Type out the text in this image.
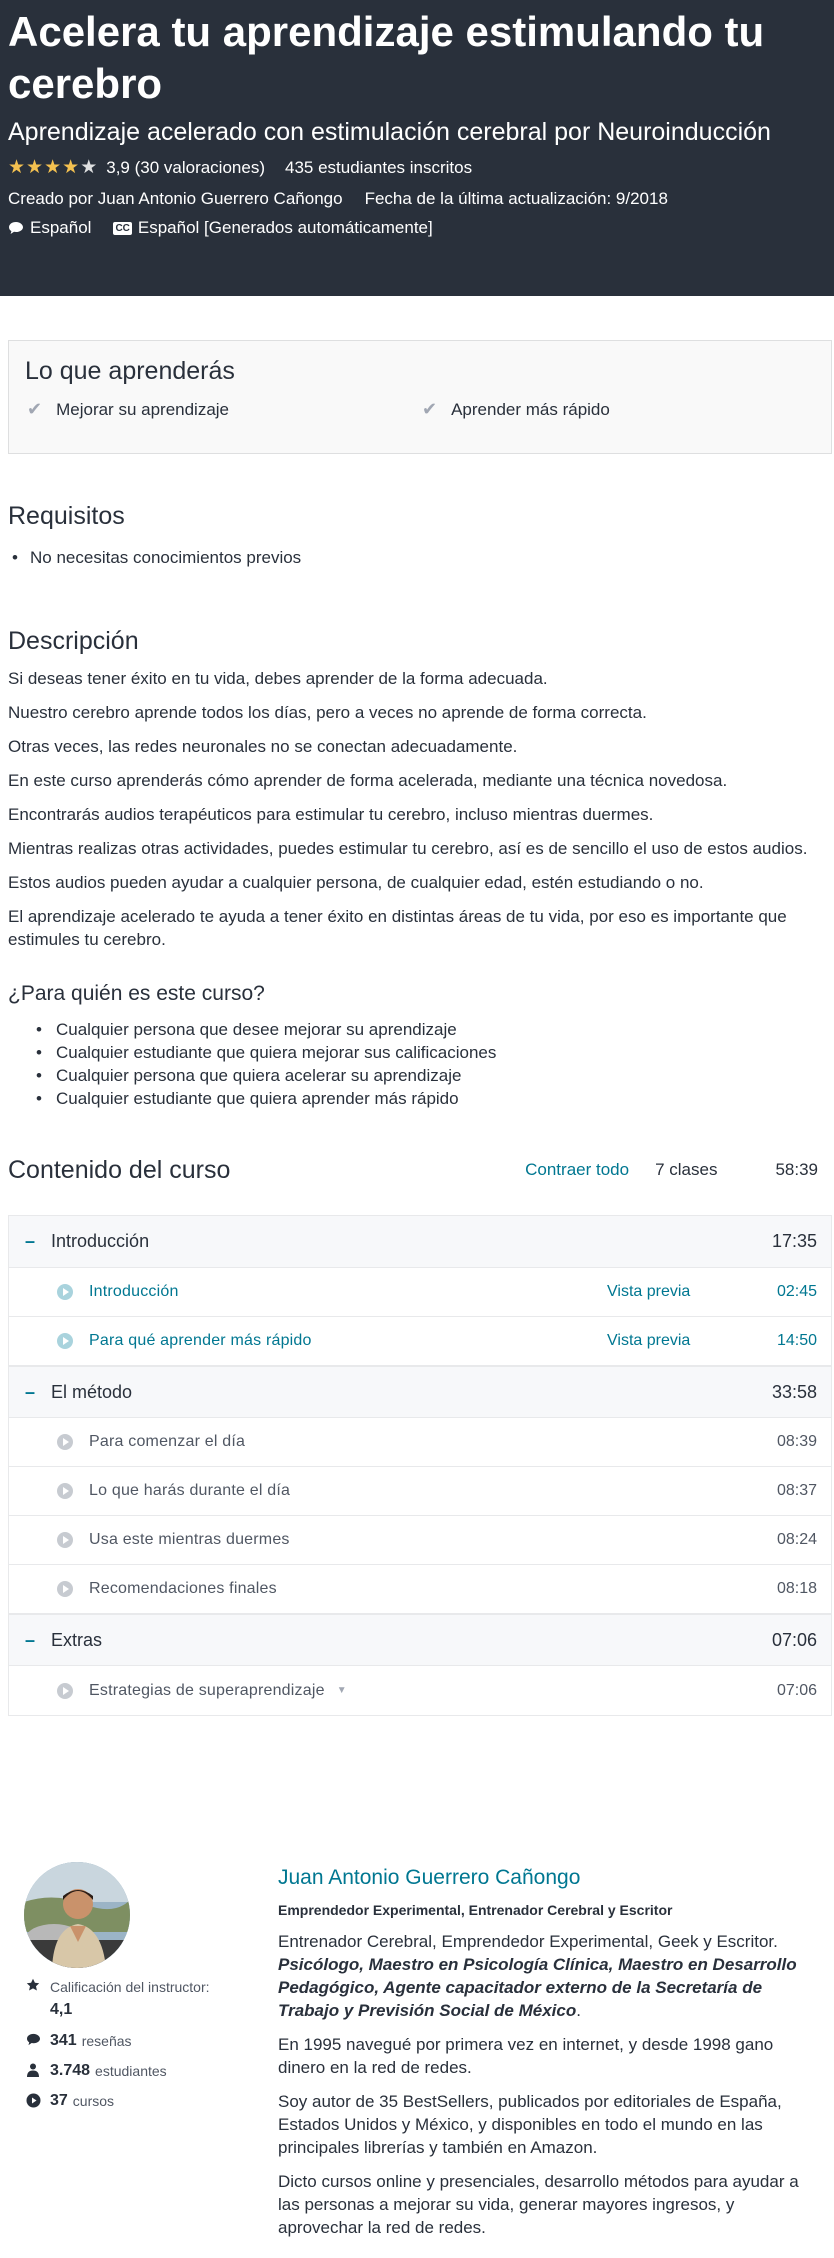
Acelera tu aprendizaje estimulando tu cerebro
Aprendizaje acelerado con estimulación cerebral por Neuroinducción
★ ★ ★ ★ ★ 3,9 (30 valoraciones) 435 estudiantes inscritos
Creado por Juan Antonio Guerrero Cañongo Fecha de la última actualización: 9/2018
Español CC Español [Generados automáticamente]
Lo que aprenderás
✔ Mejorar su aprendizaje	✔ Aprender más rápido
Requisitos
• No necesitas conocimientos previos
Descripción

Si deseas tener éxito en tu vida, debes aprender de la forma adecuada.

Nuestro cerebro aprende todos los días, pero a veces no aprende de forma correcta.

Otras veces, las redes neuronales no se conectan adecuadamente.

En este curso aprenderás cómo aprender de forma acelerada, mediante una técnica novedosa.

Encontrarás audios terapéuticos para estimular tu cerebro, incluso mientras duermes.

Mientras realizas otras actividades, puedes estimular tu cerebro, así es de sencillo el uso de estos audios.

Estos audios pueden ayudar a cualquier persona, de cualquier edad, estén estudiando o no.

El aprendizaje acelerado te ayuda a tener éxito en distintas áreas de tu vida, por eso es importante que estimules tu cerebro.

¿Para quién es este curso?
• Cualquier persona que desee mejorar su aprendizaje
• Cualquier estudiante que quiera mejorar sus calificaciones
• Cualquier persona que quiera acelerar su aprendizaje
• Cualquier estudiante que quiera aprender más rápido
Contenido del curso	Contraer todo 7 clases	58:39
– Introducción	17:35
Introducción	Vista previa	02:45
Para qué aprender más rápido	Vista previa	14:50
– El método	33:58
Para comenzar el día	08:39
Lo que harás durante el día	08:37
Usa este mientras duermes	08:24
Recomendaciones finales	08:18
– Extras	07:06
Estrategias de superaprendizaje ▼	07:06
Calificación del instructor: 4,1
341 reseñas
3.748 estudiantes
37 cursos
Juan Antonio Guerrero Cañongo
Emprendedor Experimental, Entrenador Cerebral y Escritor

Entrenador Cerebral, Emprendedor Experimental, Geek y Escritor. Psicólogo, Maestro en Psicología Clínica, Maestro en Desarrollo Pedagógico, Agente capacitador externo de la Secretaría de Trabajo y Previsión Social de México.

En 1995 navegué por primera vez en internet, y desde 1998 gano dinero en la red de redes.

Soy autor de 35 BestSellers, publicados por editoriales de España, Estados Unidos y México, y disponibles en todo el mundo en las principales librerías y también en Amazon.

Dicto cursos online y presenciales, desarrollo métodos para ayudar a las personas a mejorar su vida, generar mayores ingresos, y aprovechar la red de redes.
